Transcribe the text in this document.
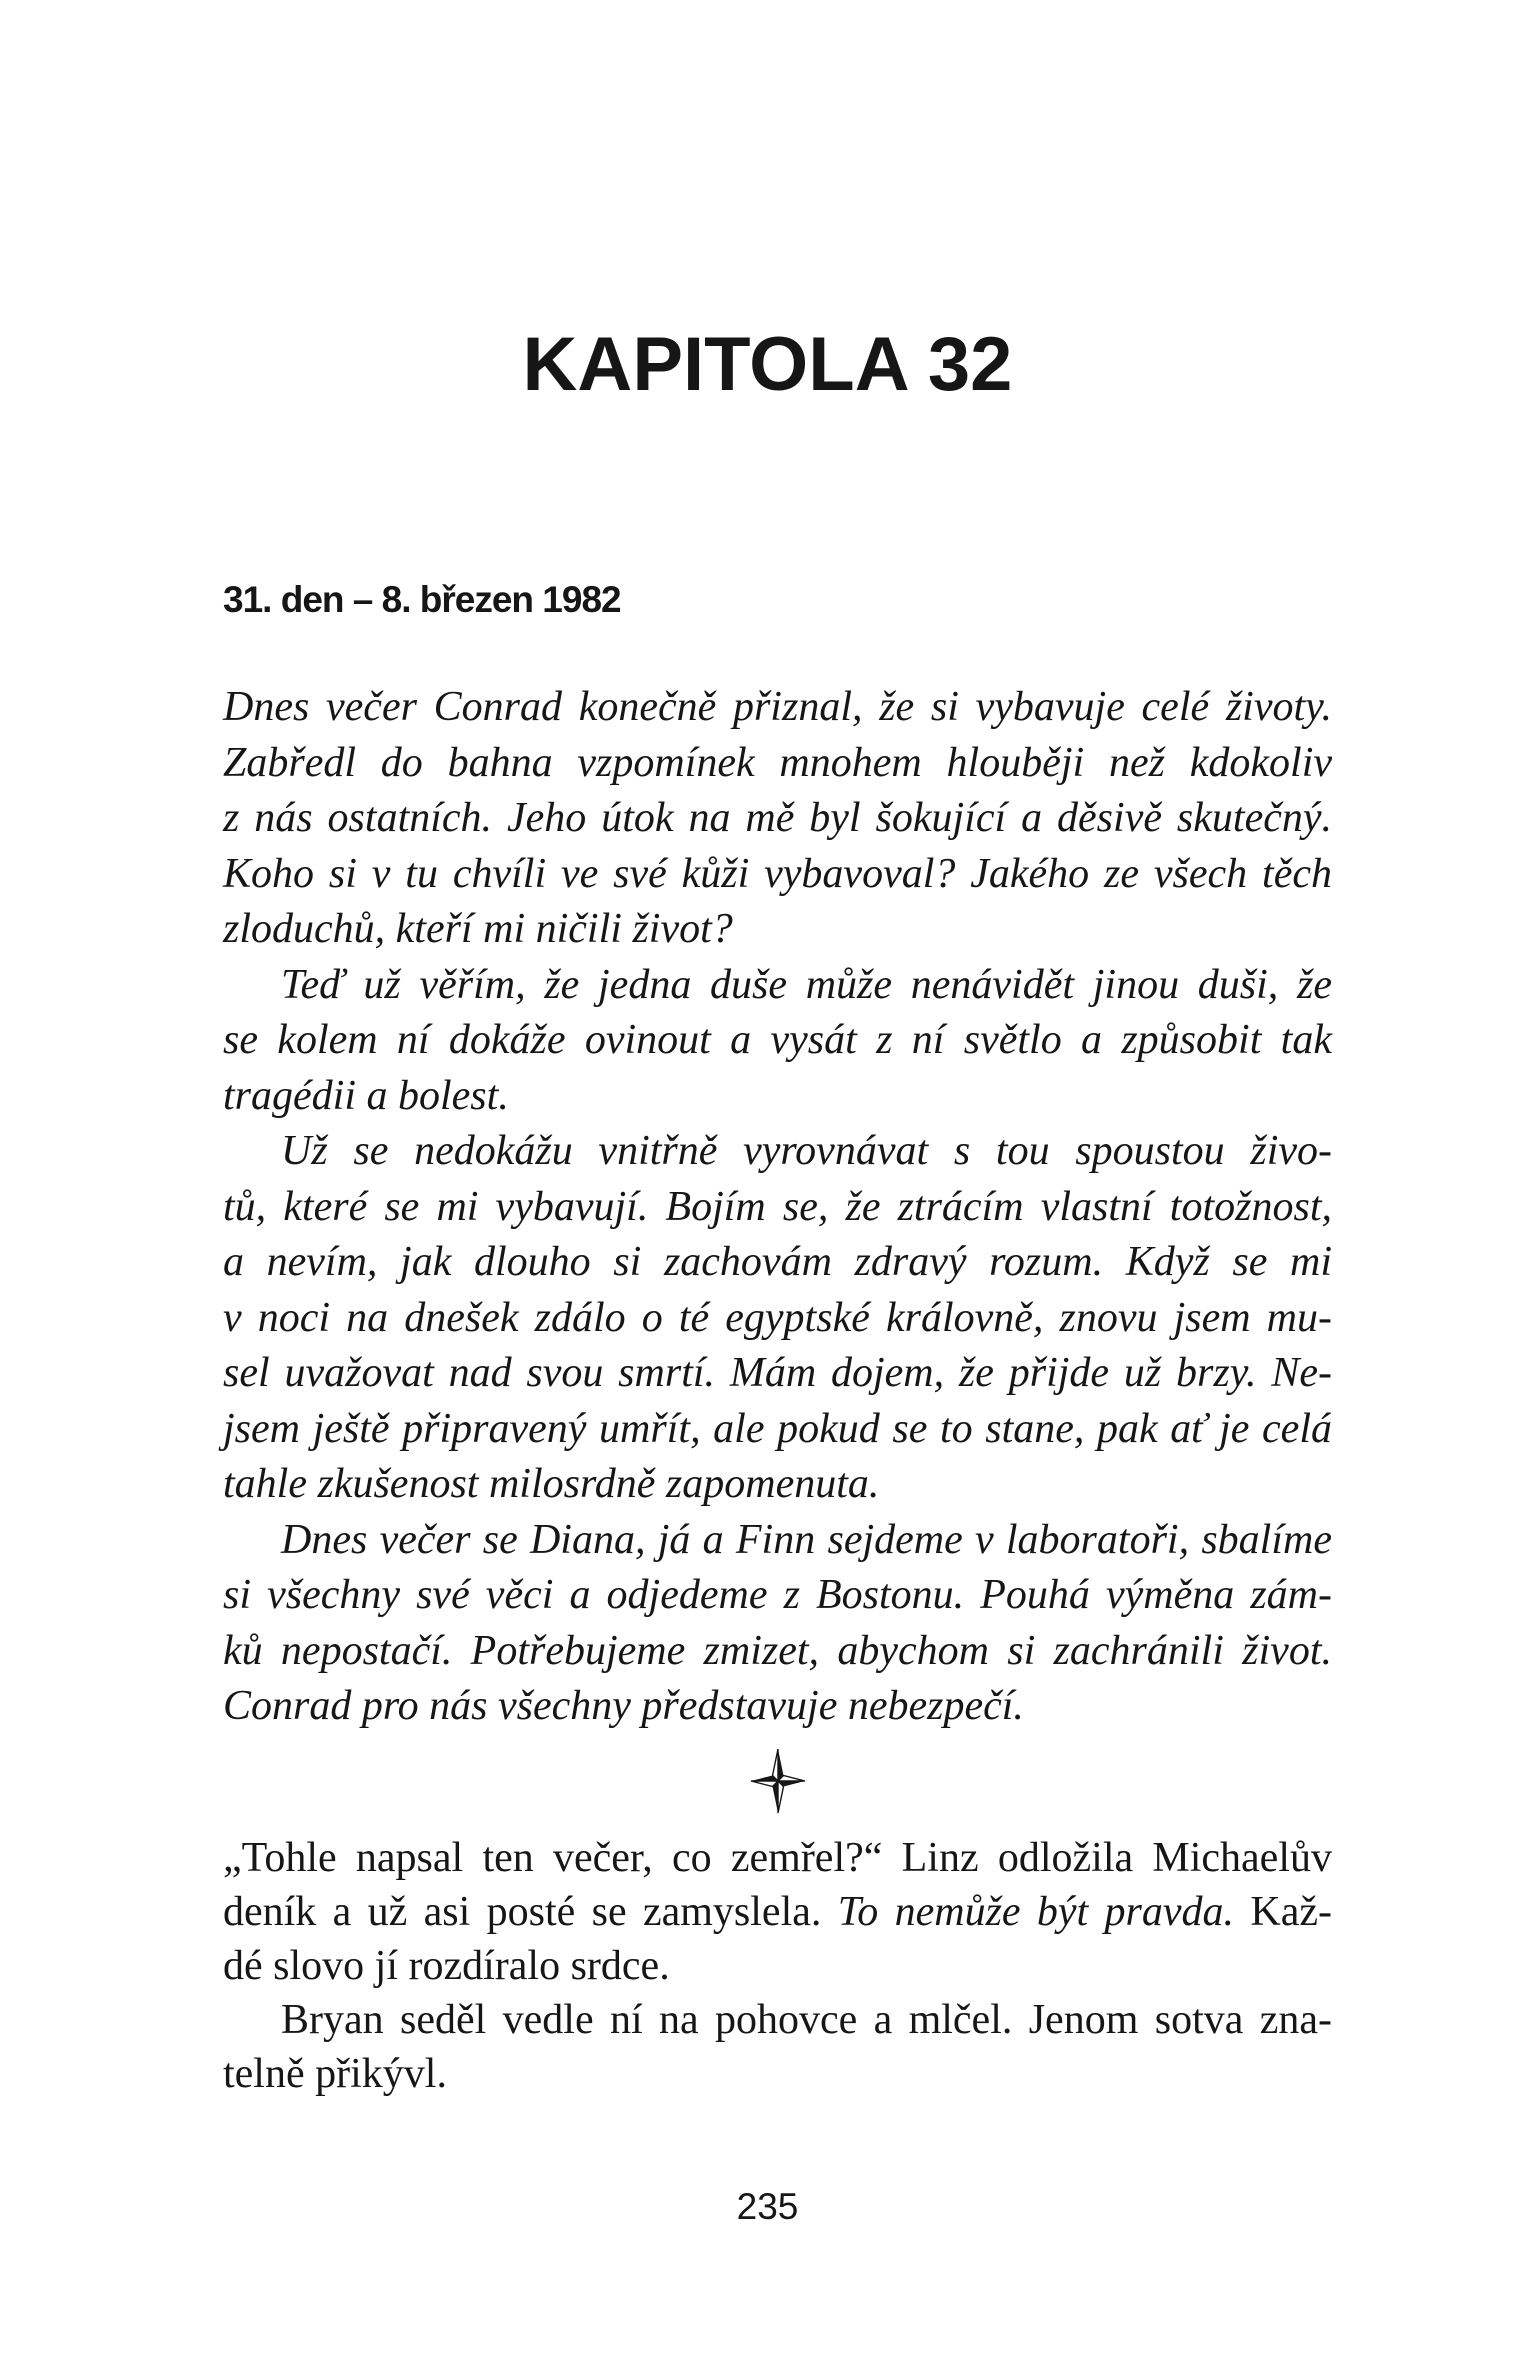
KAPITOLA 32
31. den – 8. březen 1982
Dnes večer Conrad konečně přiznal, že si vybavuje celé životy.
Zabředl do bahna vzpomínek mnohem hlouběji než kdokoliv
z nás ostatních. Jeho útok na mě byl šokující a děsivě skutečný.
Koho si v tu chvíli ve své kůži vybavoval? Jakého ze všech těch
zloduchů, kteří mi ničili život?
Teď už věřím, že jedna duše může nenávidět jinou duši, že
se kolem ní dokáže ovinout a vysát z ní světlo a způsobit tak
tragédii a bolest.
Už se nedokážu vnitřně vyrovnávat s tou spoustou živo-
tů, které se mi vybavují. Bojím se, že ztrácím vlastní totožnost,
a nevím, jak dlouho si zachovám zdravý rozum. Když se mi
v noci na dnešek zdálo o té egyptské královně, znovu jsem mu-
sel uvažovat nad svou smrtí. Mám dojem, že přijde už brzy. Ne-
jsem ještě připravený umřít, ale pokud se to stane, pak ať je celá
tahle zkušenost milosrdně zapomenuta.
Dnes večer se Diana, já a Finn sejdeme v laboratoři, sbalíme
si všechny své věci a odjedeme z Bostonu. Pouhá výměna zám-
ků nepostačí. Potřebujeme zmizet, abychom si zachránili život.
Conrad pro nás všechny představuje nebezpečí.
„Tohle napsal ten večer, co zemřel?“ Linz odložila Michaelův
deník a už asi posté se zamyslela. To nemůže být pravda. Kaž-
dé slovo jí rozdíralo srdce.
Bryan seděl vedle ní na pohovce a mlčel. Jenom sotva zna-
telně přikývl.
235
